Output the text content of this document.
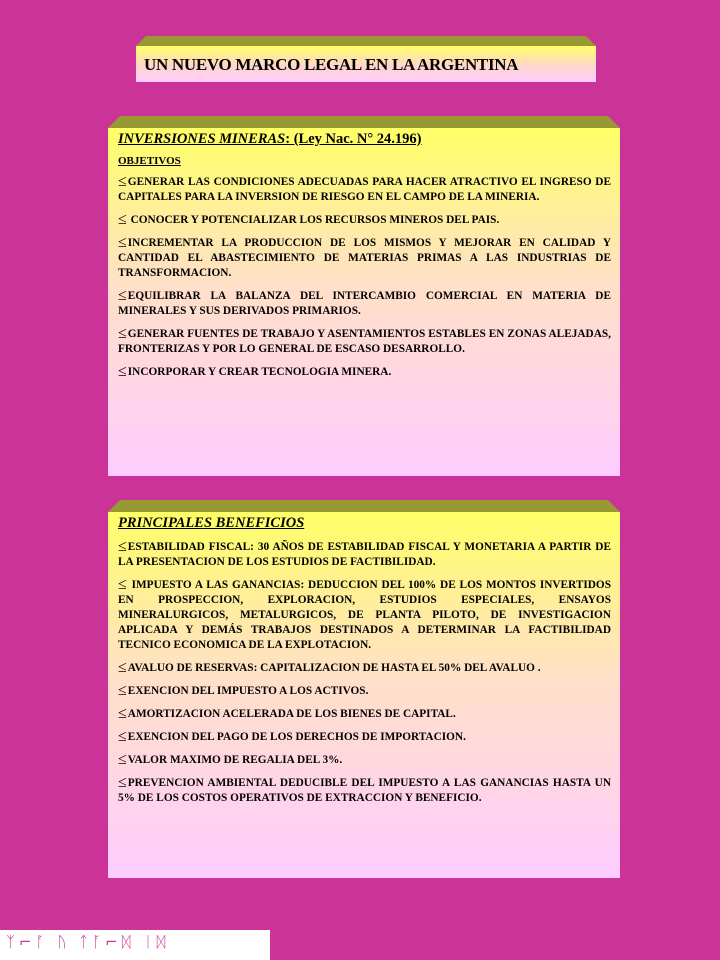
UN NUEVO MARCO LEGAL EN LA ARGENTINA
INVERSIONES MINERAS: (Ley Nac. N° 24.196)
OBJETIVOS
≤GENERAR LAS CONDICIONES ADECUADAS PARA HACER ATRACTIVO EL INGRESO DE CAPITALES PARA LA INVERSION DE RIESGO EN EL CAMPO DE LA MINERIA.
≤ CONOCER Y POTENCIALIZAR LOS RECURSOS MINEROS DEL PAIS.
≤INCREMENTAR LA PRODUCCION DE LOS MISMOS Y MEJORAR EN CALIDAD Y CANTIDAD EL ABASTECIMIENTO DE MATERIAS PRIMAS A LAS INDUSTRIAS DE TRANSFORMACION.
≤EQUILIBRAR LA BALANZA DEL INTERCAMBIO COMERCIAL EN MATERIA DE MINERALES Y SUS DERIVADOS PRIMARIOS.
≤GENERAR FUENTES DE TRABAJO Y ASENTAMIENTOS ESTABLES EN ZONAS ALEJADAS, FRONTERIZAS Y POR LO GENERAL DE ESCASO DESARROLLO.
≤INCORPORAR Y CREAR TECNOLOGIA MINERA.
PRINCIPALES BENEFICIOS
≤ESTABILIDAD FISCAL: 30 AÑOS DE ESTABILIDAD FISCAL Y MONETARIA A PARTIR DE LA PRESENTACION DE LOS ESTUDIOS DE FACTIBILIDAD.
≤ IMPUESTO A LAS GANANCIAS: DEDUCCION DEL 100% DE LOS MONTOS INVERTIDOS EN PROSPECCION, EXPLORACION, ESTUDIOS ESPECIALES, ENSAYOS MINERALURGICOS, METALURGICOS, DE PLANTA PILOTO, DE INVESTIGACION APLICADA Y DEMÁS TRABAJOS DESTINADOS A DETERMINAR LA FACTIBILIDAD TECNICO ECONOMICA DE LA EXPLOTACION.
≤AVALUO DE RESERVAS: CAPITALIZACION DE HASTA EL 50% DEL AVALUO .
≤EXENCION DEL IMPUESTO A LOS ACTIVOS.
≤AMORTIZACION ACELERADA DE LOS BIENES DE CAPITAL.
≤EXENCION DEL PAGO DE LOS DERECHOS DE IMPORTACION.
≤VALOR MAXIMO DE REGALIA DEL 3%.
≤PREVENCION AMBIENTAL DEDUCIBLE DEL IMPUESTO A LAS GANANCIAS HASTA UN 5% DE LOS COSTOS OPERATIVOS DE EXTRACCION Y BENEFICIO.
ᛉ⌐ᚪ ᚢ ᛏᚪ⌐ᛞ ᛁᛞ
